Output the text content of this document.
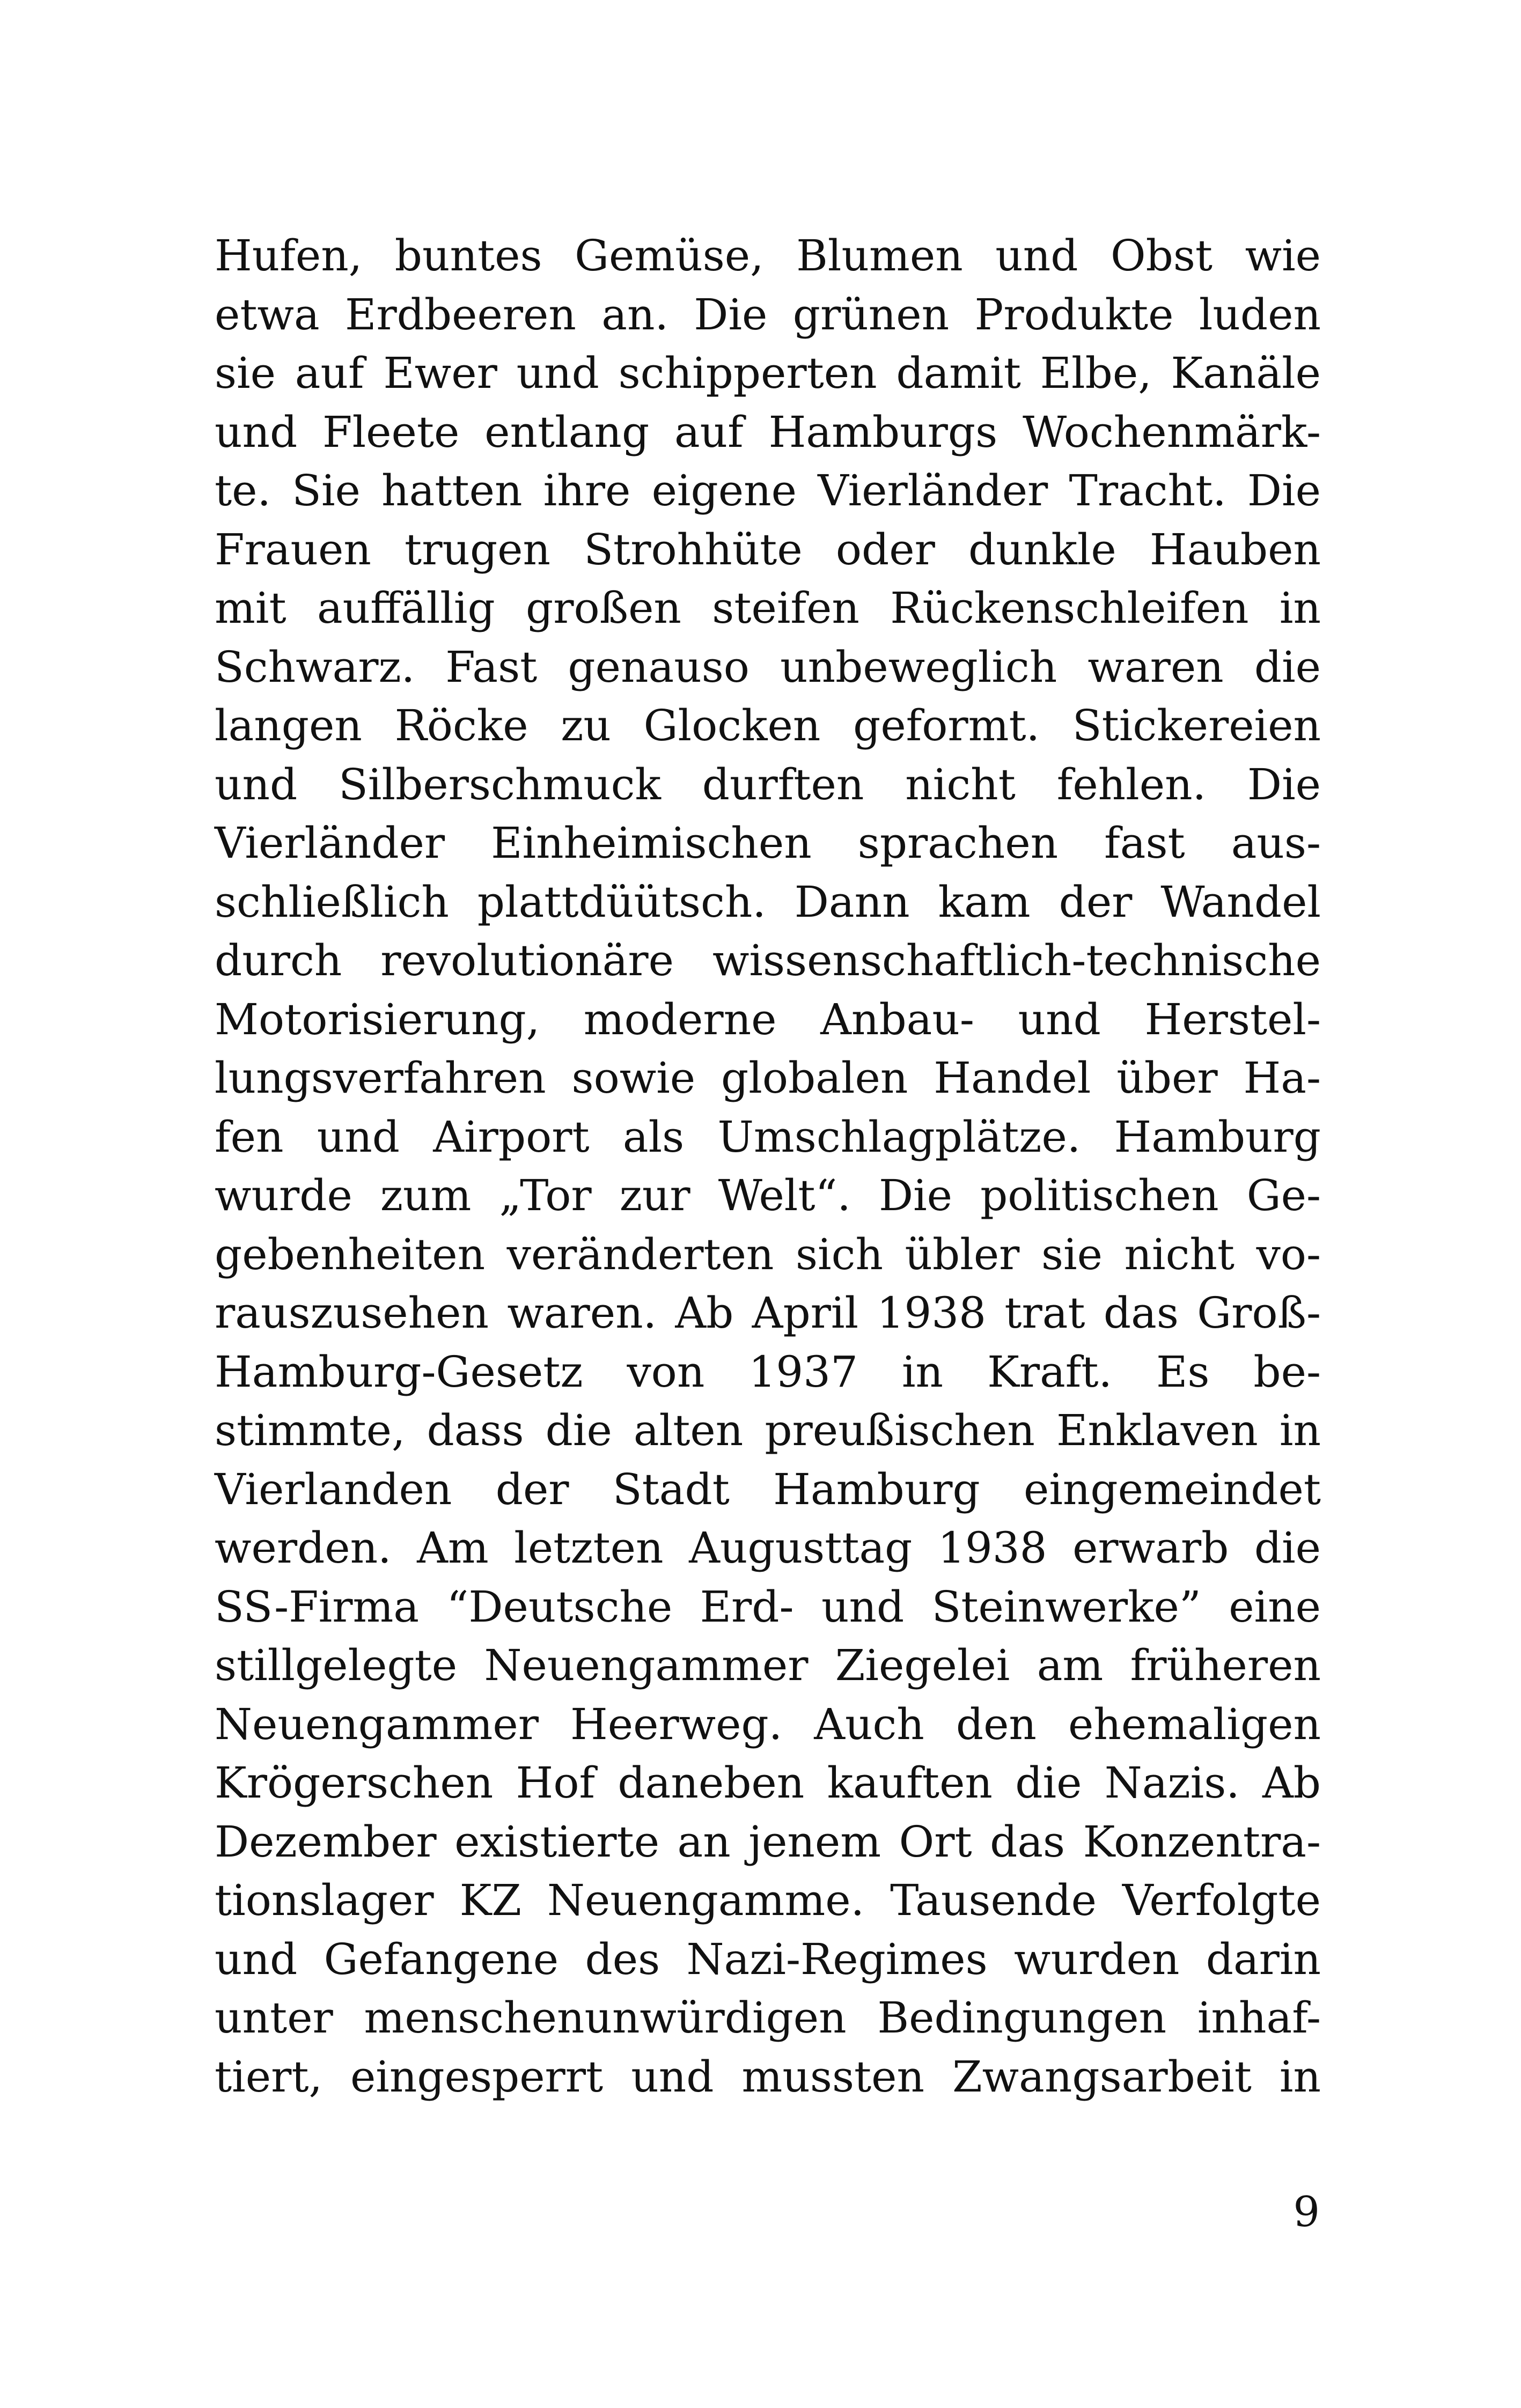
Hufen, buntes Gemüse, Blumen und Obst wie
etwa Erdbeeren an. Die grünen Produkte luden
sie auf Ewer und schipperten damit Elbe, Kanäle
und Fleete entlang auf Hamburgs Wochenmärk-
te. Sie hatten ihre eigene Vierländer Tracht. Die
Frauen trugen Strohhüte oder dunkle Hauben
mit auffällig großen steifen Rückenschleifen in
Schwarz. Fast genauso unbeweglich waren die
langen Röcke zu Glocken geformt. Stickereien
und Silberschmuck durften nicht fehlen. Die
Vierländer Einheimischen sprachen fast aus-
schließlich plattdüütsch. Dann kam der Wandel
durch revolutionäre wissenschaftlich-technische
Motorisierung, moderne Anbau- und Herstel-
lungsverfahren sowie globalen Handel über Ha-
fen und Airport als Umschlagplätze. Hamburg
wurde zum „Tor zur Welt“. Die politischen Ge-
gebenheiten veränderten sich übler sie nicht vo-
rauszusehen waren. Ab April 1938 trat das Groß-
Hamburg-Gesetz von 1937 in Kraft. Es be-
stimmte, dass die alten preußischen Enklaven in
Vierlanden der Stadt Hamburg eingemeindet
werden. Am letzten Augusttag 1938 erwarb die
SS-Firma “Deutsche Erd- und Steinwerke” eine
stillgelegte Neuengammer Ziegelei am früheren
Neuengammer Heerweg. Auch den ehemaligen
Krögerschen Hof daneben kauften die Nazis. Ab
Dezember existierte an jenem Ort das Konzentra-
tionslager KZ Neuengamme. Tausende Verfolgte
und Gefangene des Nazi-Regimes wurden darin
unter menschenunwürdigen Bedingungen inhaf-
tiert, eingesperrt und mussten Zwangsarbeit in
9
